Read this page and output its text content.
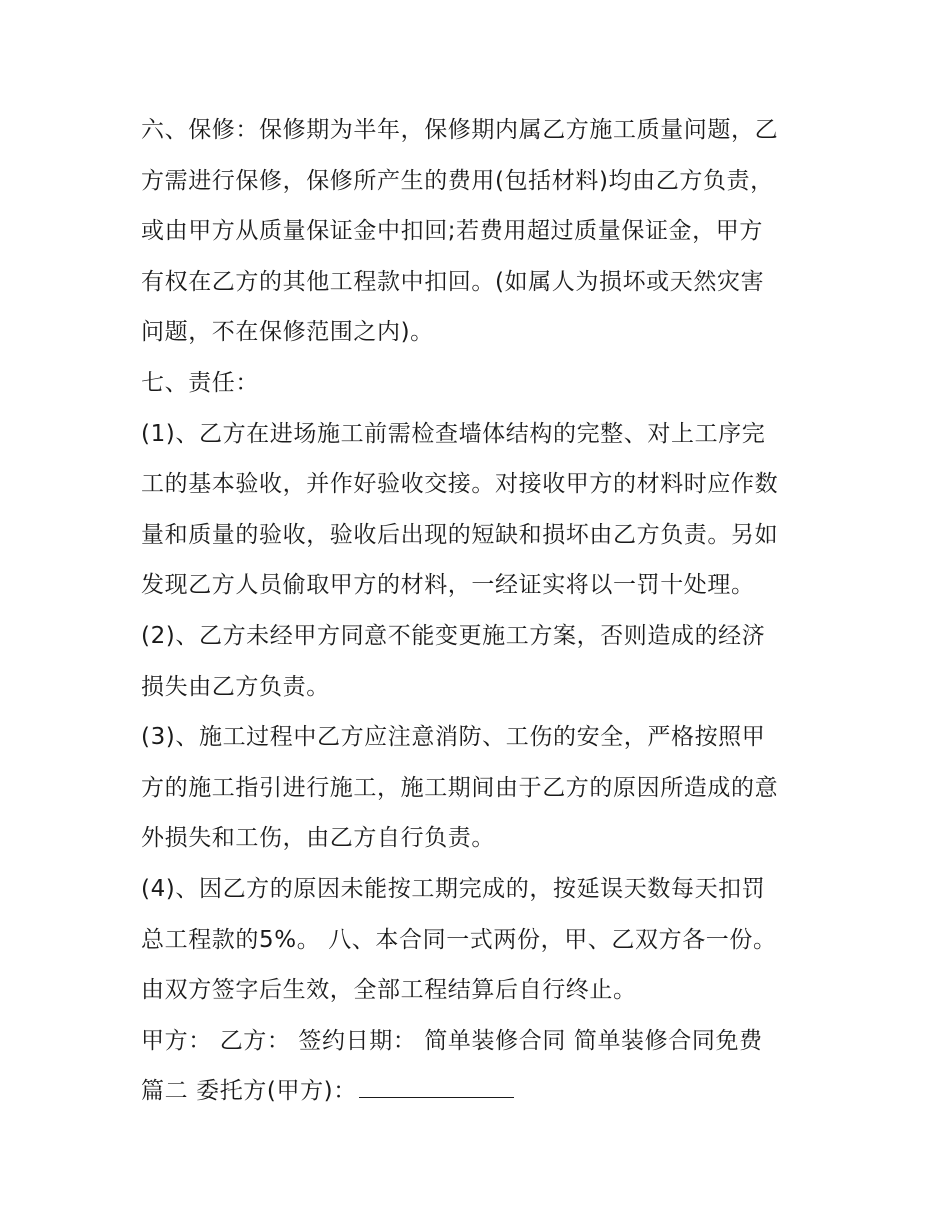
六、保修：保修期为半年，保修期内属乙方施工质量问题，乙
方需进行保修，保修所产生的费用(包括材料)均由乙方负责，
或由甲方从质量保证金中扣回;若费用超过质量保证金，甲方
有权在乙方的其他工程款中扣回。(如属人为损坏或天然灾害
问题，不在保修范围之内)。
七、责任：
(1)、乙方在进场施工前需检查墙体结构的完整、对上工序完
工的基本验收，并作好验收交接。对接收甲方的材料时应作数
量和质量的验收，验收后出现的短缺和损坏由乙方负责。另如
发现乙方人员偷取甲方的材料，一经证实将以一罚十处理。
(2)、乙方未经甲方同意不能变更施工方案，否则造成的经济
损失由乙方负责。
(3)、施工过程中乙方应注意消防、工伤的安全，严格按照甲
方的施工指引进行施工，施工期间由于乙方的原因所造成的意
外损失和工伤，由乙方自行负责。
(4)、因乙方的原因未能按工期完成的，按延误天数每天扣罚
总工程款的5%。 八、本合同一式两份，甲、乙双方各一份。
由双方签字后生效，全部工程结算后自行终止。
甲方： 乙方： 签约日期： 简单装修合同 简单装修合同免费
篇二 委托方(甲方)：
